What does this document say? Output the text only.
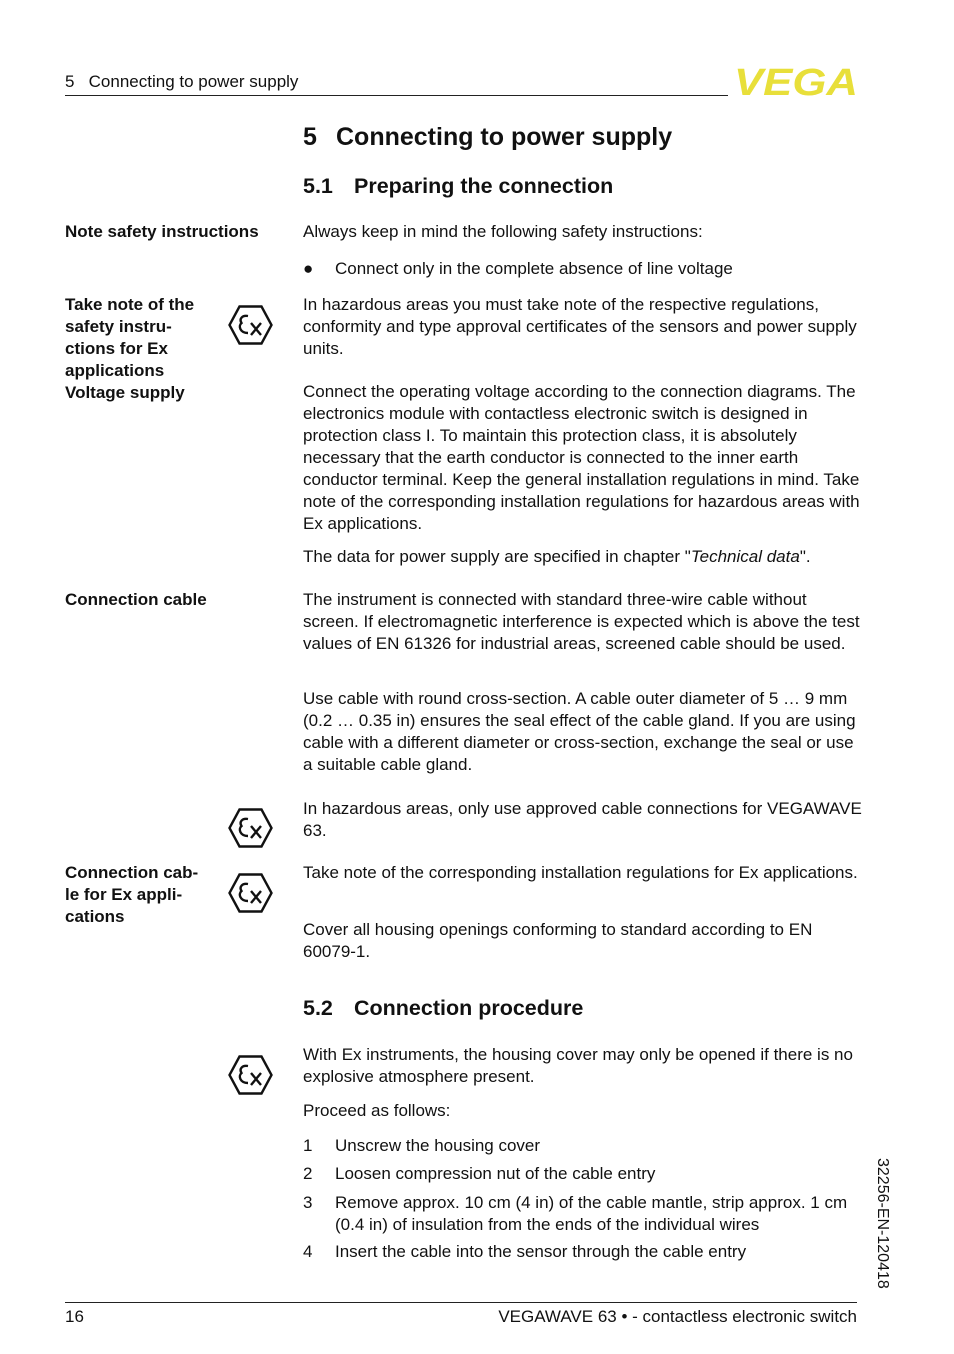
5 Connecting to power supply	VEGA
5 Connecting to power supply
5.1 Preparing the connection
Note safety instructions	Always keep in mind the following safety instructions:
● Connect only in the complete absence of line voltage
Take note of the
safety instru-
ctions for Ex
applications
Voltage supply
In hazardous areas you must take note of the respective regulations, conformity and type approval certificates of the sensors and power supply units.
Connect the operating voltage according to the connection diagrams. The electronics module with contactless electronic switch is designed in protection class I. To maintain this protection class, it is absolutely necessary that the earth conductor is connected to the inner earth conductor terminal. Keep the general installation regulations in mind. Take note of the corresponding installation regulations for hazardous areas with Ex applications.
The data for power supply are specified in chapter "Technical data".
Connection cable	The instrument is connected with standard three-wire cable without screen. If electromagnetic interference is expected which is above the test values of EN 61326 for industrial areas, screened cable should be used.
Use cable with round cross-section. A cable outer diameter of 5 … 9 mm (0.2 … 0.35 in) ensures the seal effect of the cable gland. If you are using cable with a different diameter or cross-section, exchange the seal or use a suitable cable gland.
In hazardous areas, only use approved cable connections for VEGAWAVE 63.
Connection cab-
le for Ex appli-
cations
Take note of the corresponding installation regulations for Ex applications.
Cover all housing openings conforming to standard according to EN 60079-1.
5.2 Connection procedure
With Ex instruments, the housing cover may only be opened if there is no explosive atmosphere present.
Proceed as follows:
1 Unscrew the housing cover
2 Loosen compression nut of the cable entry
3 Remove approx. 10 cm (4 in) of the cable mantle, strip approx. 1 cm (0.4 in) of insulation from the ends of the individual wires
4 Insert the cable into the sensor through the cable entry	32256-EN-120418
16	VEGAWAVE 63 • - contactless electronic switch
